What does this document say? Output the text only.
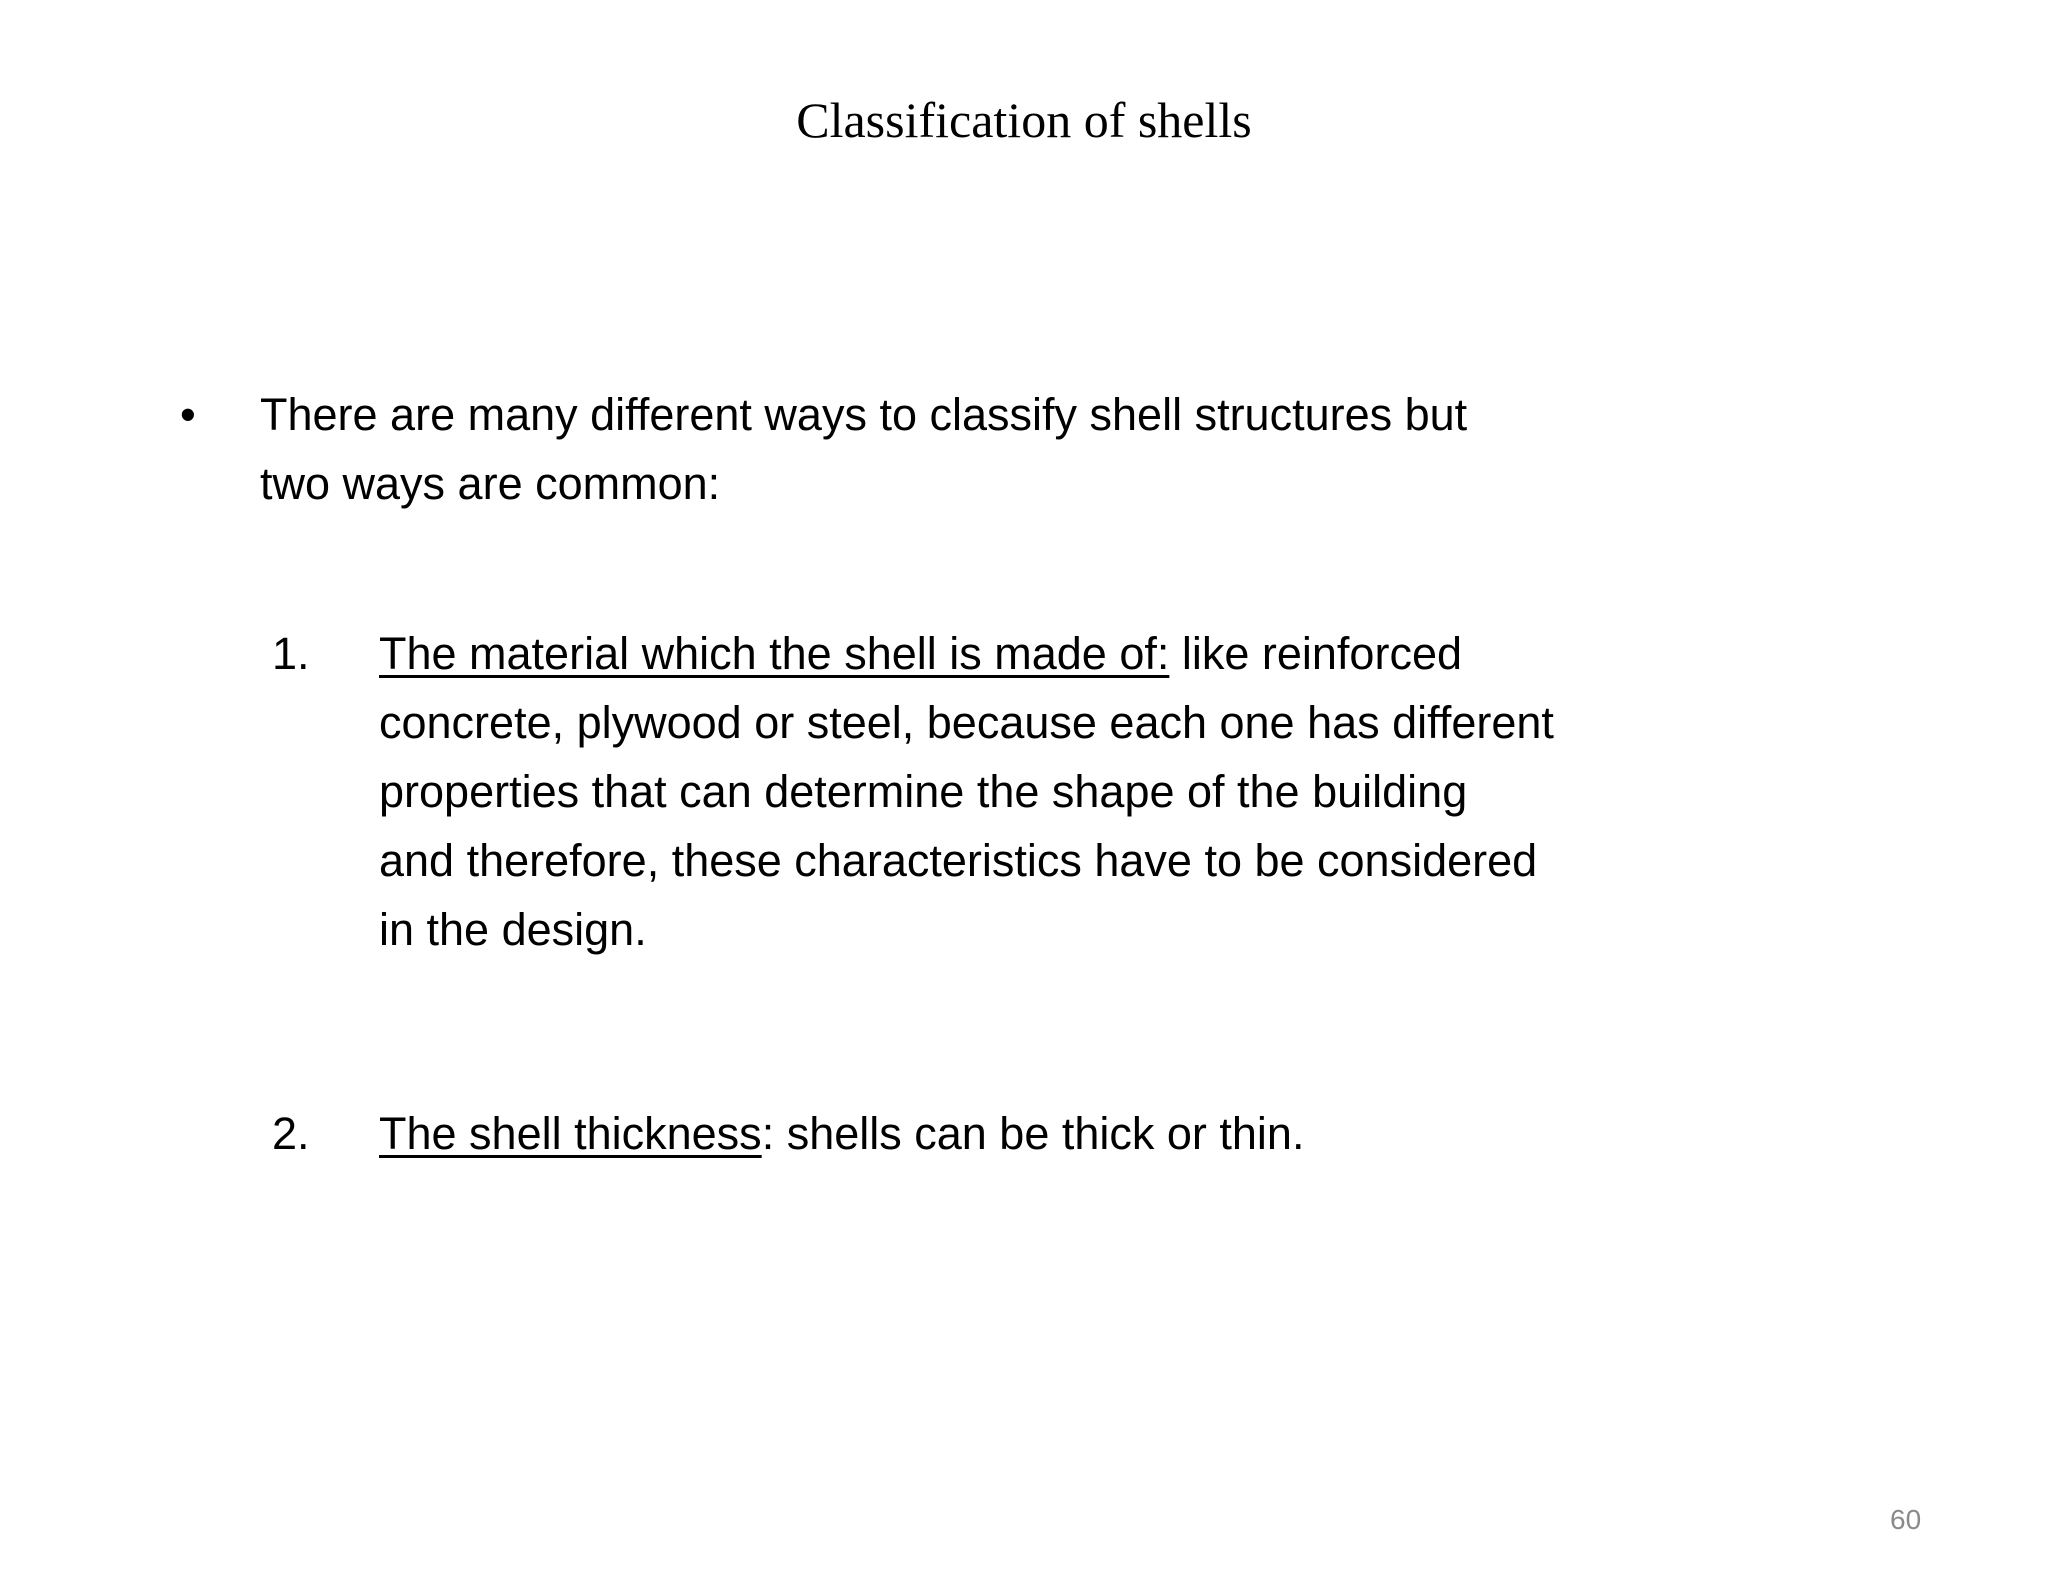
Classification of shells
• There are many different ways to classify shell structures but
two ways are common:
1. The material which the shell is made of: like reinforced
concrete, plywood or steel, because each one has different
properties that can determine the shape of the building
and therefore, these characteristics have to be considered
in the design.
2. The shell thickness: shells can be thick or thin.
60
